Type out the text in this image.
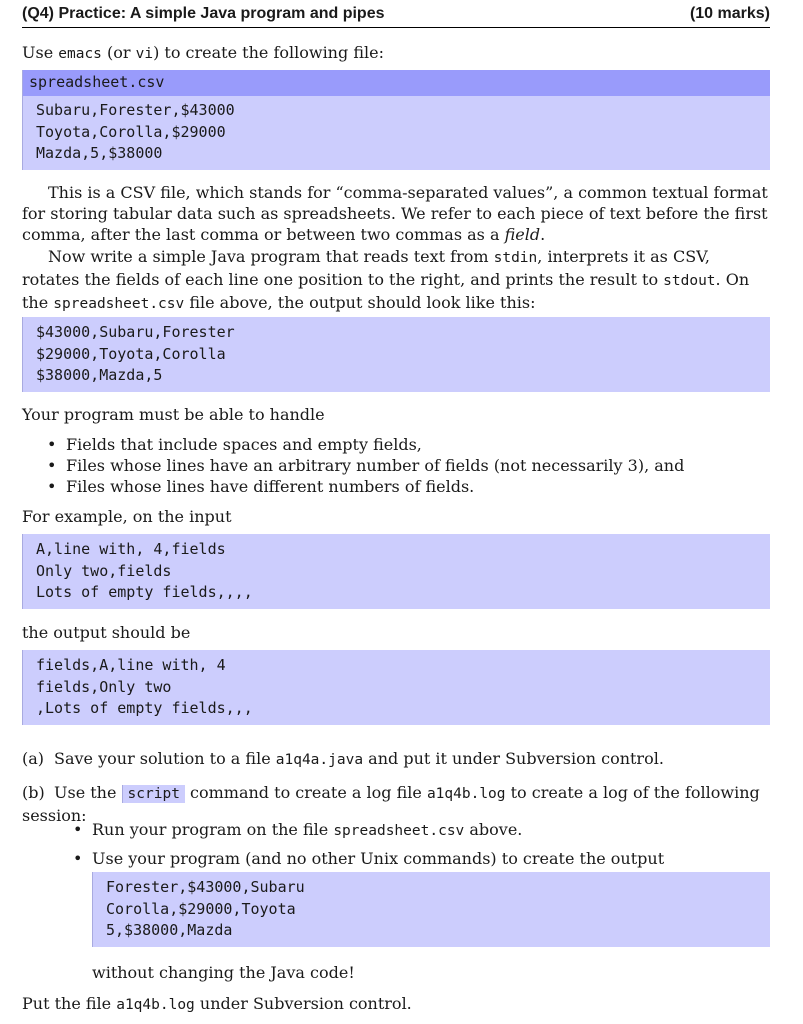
(Q4) Practice: A simple Java program and pipes	(10 marks)

Use emacs (or vi) to create the following file:

spreadsheet.csv
Subaru,Forester,$43000
Toyota,Corolla,$29000
Mazda,5,$38000

This is a CSV file, which stands for “comma-separated values”, a common textual format for storing tabular data such as spreadsheets. We refer to each piece of text before the first comma, after the last comma or between two commas as a field.

Now write a simple Java program that reads text from stdin, interprets it as CSV, rotates the fields of each line one position to the right, and prints the result to stdout. On the spreadsheet.csv file above, the output should look like this:

$43000,Subaru,Forester
$29000,Toyota,Corolla
$38000,Mazda,5

Your program must be able to handle

• Fields that include spaces and empty fields,
• Files whose lines have an arbitrary number of fields (not necessarily 3), and
• Files whose lines have different numbers of fields.

For example, on the input

A,line with, 4,fields
Only two,fields
Lots of empty fields,,,,

the output should be

fields,A,line with, 4
fields,Only two
,Lots of empty fields,,,
(a) Save your solution to a file a1q4a.java and put it under Subversion control.
(b) Use the script command to create a log file a1q4b.log to create a log of the following session:
• Run your program on the file spreadsheet.csv above.
• Use your program (and no other Unix commands) to create the output
Forester,$43000,Subaru
Corolla,$29000,Toyota
5,$38000,Mazda

without changing the Java code!

Put the file a1q4b.log under Subversion control.
